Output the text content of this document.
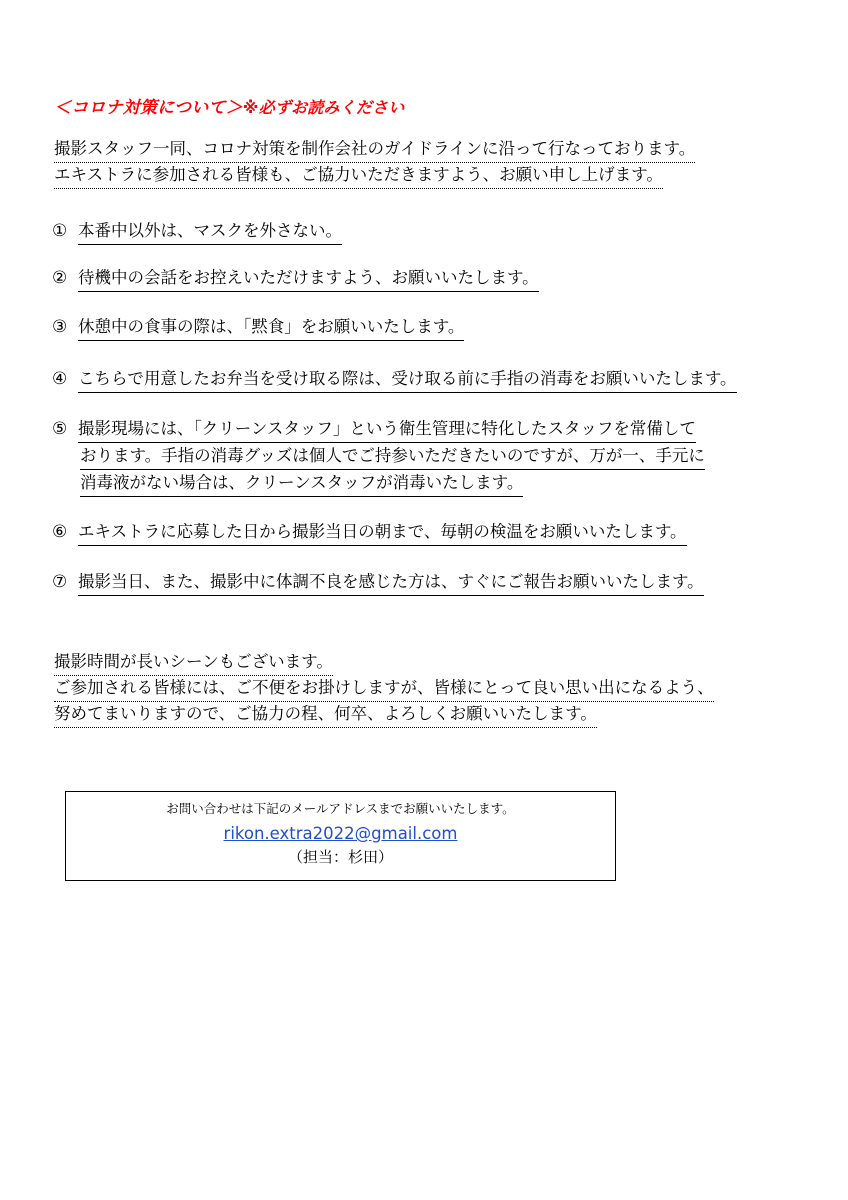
＜コロナ対策について＞※必ずお読みください
撮影スタッフ一同、コロナ対策を制作会社のガイドラインに沿って行なっております。
エキストラに参加される皆様も、ご協力いただきますよう、お願い申し上げます。
① 本番中以外は、マスクを外さない。
② 待機中の会話をお控えいただけますよう、お願いいたします。
③ 休憩中の食事の際は、「黙食」をお願いいたします。
④ こちらで用意したお弁当を受け取る際は、受け取る前に手指の消毒をお願いいたします。
⑤ 撮影現場には、「クリーンスタッフ」という衛生管理に特化したスタッフを常備して
おります。手指の消毒グッズは個人でご持参いただきたいのですが、万が一、手元に
消毒液がない場合は、クリーンスタッフが消毒いたします。
⑥ エキストラに応募した日から撮影当日の朝まで、毎朝の検温をお願いいたします。
⑦ 撮影当日、また、撮影中に体調不良を感じた方は、すぐにご報告お願いいたします。
撮影時間が長いシーンもございます。
ご参加される皆様には、ご不便をお掛けしますが、皆様にとって良い思い出になるよう、
努めてまいりますので、ご協力の程、何卒、よろしくお願いいたします。
お問い合わせは下記のメールアドレスまでお願いいたします。
rikon.extra2022@gmail.com
（担当：杉田）
